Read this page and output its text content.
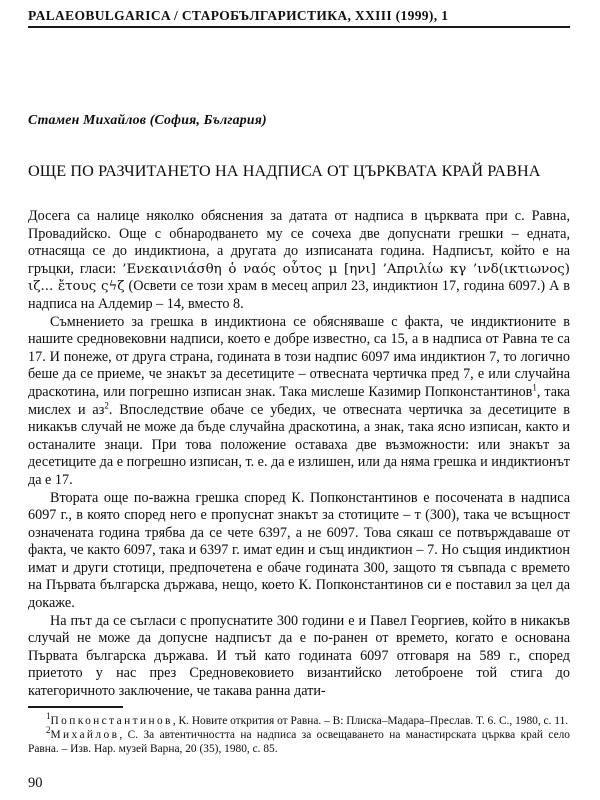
PALAEOBULGARICA / СТАРОБЪЛГАРИСТИКА, XXIII (1999), 1
Стамен Михайлов (София, България)
ОЩЕ ПО РАЗЧИТАНЕТО НА НАДПИСА ОТ ЦЪРКВАТА КРАЙ РАВНА

Досега са налице няколко обяснения за датата от надписа в църквата при с. Равна, Провадийско. Още с обнародването му се сочеха две допуснати грешки – едната, отнасяща се до индиктиона, а другата до изписаната година. Надписът, който е на гръцки, гласи: ’Ενεκαινιάσθη ὁ ναός οὗτος μ [ηνι] ’Απριλίω κγ ’ινδ(ικτιωνος) ιζ... ἔτους ςϟζ (Освети се този храм в месец април 23, индиктион 17, година 6097.) А в надписа на Алдемир – 14, вместо 8.

Съмнението за грешка в индиктиона се обясняваше с факта, че индиктионите в нашите средновековни надписи, което е добре известно, са 15, а в надписа от Равна те са 17. И понеже, от друга страна, годината в този надпис 6097 има индиктион 7, то логично беше да се приеме, че знакът за десетиците – отвесната чертичка пред 7, е или случайна драскотина, или погрешно изписан знак. Така мислеше Казимир Попконстантинов$^1$, така мислех и $аз^2$. Впоследствие обаче се убедих, че отвесната чертичка за десетиците в никакъв случай не може да бъде случайна драскотина, а знак, така ясно изписан, както и останалите знаци. При това положение оставаха две възможности: или знакът за десетиците да е погрешно изписан, т. е. да е излишен, или да няма грешка и индиктионът да е 17.

Втората още по-важна грешка според К. Попконстантинов е посочената в надписа 6097 г., в която според него е пропуснат знакът за стотиците – т (300), така че всъщност означената година трябва да се чете 6397, а не 6097. Това сякаш се потвърждаваше от факта, че както 6097, така и 6397 г. имат един и същ индиктион – 7. Но същия индиктион имат и други стотици, предпочетена е обаче годината 300, защото тя съвпада с времето на Първата българска държава, нещо, което К. Попконстантинов си е поставил за цел да докаже.

На път да се съгласи с пропуснатите 300 години е и Павел Георгиев, който в никакъв случай не може да допусне надписът да е по-ранен от времето, когато е основана Първата българска държава. И тъй като годината 6097 отговаря на 589 г., според приетото у нас през Средновековието византийско летоброене той стига до категоричното заключение, че такава ранна дати-

$^1$Попконстантинов, К. Новите открития от Равна. – В: Плиска–Мадара–Преслав. Т. 6. С., 1980, с. 11.

$^2$Михайлов, С. За автентичността на надписа за освещаването на манастирската църква край село Равна. – Изв. Нар. музей Варна, 20 (35), 1980, с. 85.

90
